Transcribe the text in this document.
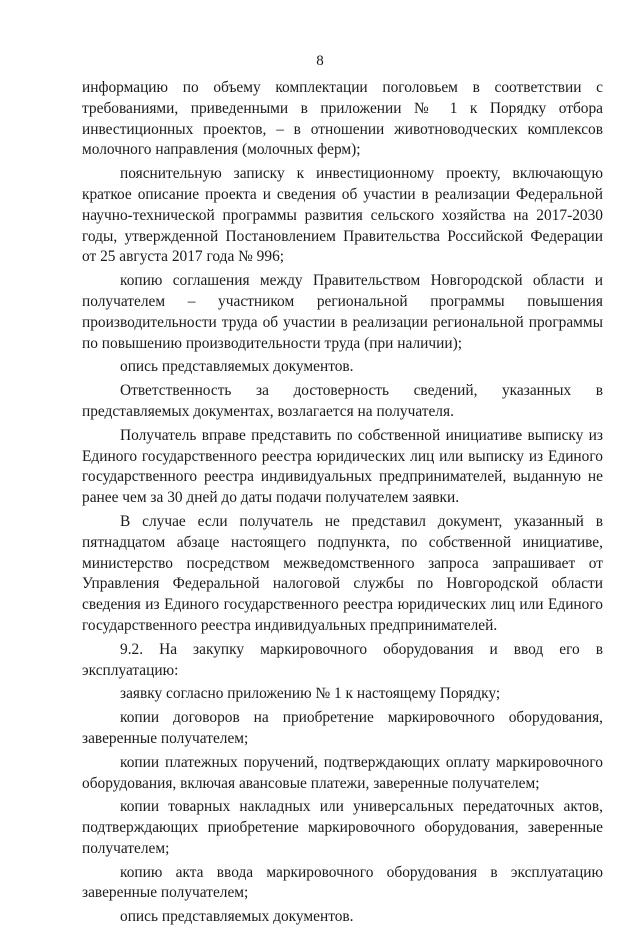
8

информацию по объему комплектации поголовьем в соответствии с требованиями, приведенными в приложении № 1 к Порядку отбора инвестиционных проектов, – в отношении животноводческих комплексов молочного направления (молочных ферм);

пояснительную записку к инвестиционному проекту, включающую краткое описание проекта и сведения об участии в реализации Федеральной научно-технической программы развития сельского хозяйства на 2017-2030 годы, утвержденной Постановлением Правительства Российской Федерации от 25 августа 2017 года № 996;

копию соглашения между Правительством Новгородской области и получателем – участником региональной программы повышения производительности труда об участии в реализации региональной программы по повышению производительности труда (при наличии);

опись представляемых документов.

Ответственность за достоверность сведений, указанных в представляемых документах, возлагается на получателя.

Получатель вправе представить по собственной инициативе выписку из Единого государственного реестра юридических лиц или выписку из Единого государственного реестра индивидуальных предпринимателей, выданную не ранее чем за 30 дней до даты подачи получателем заявки.

В случае если получатель не представил документ, указанный в пятнадцатом абзаце настоящего подпункта, по собственной инициативе, министерство посредством межведомственного запроса запрашивает от Управления Федеральной налоговой службы по Новгородской области сведения из Единого государственного реестра юридических лиц или Единого государственного реестра индивидуальных предпринимателей.

9.2. На закупку маркировочного оборудования и ввод его в эксплуатацию:

заявку согласно приложению № 1 к настоящему Порядку;

копии договоров на приобретение маркировочного оборудования, заверенные получателем;

копии платежных поручений, подтверждающих оплату маркировочного оборудования, включая авансовые платежи, заверенные получателем;

копии товарных накладных или универсальных передаточных актов, подтверждающих приобретение маркировочного оборудования, заверенные получателем;

копию акта ввода маркировочного оборудования в эксплуатацию заверенные получателем;

опись представляемых документов.
